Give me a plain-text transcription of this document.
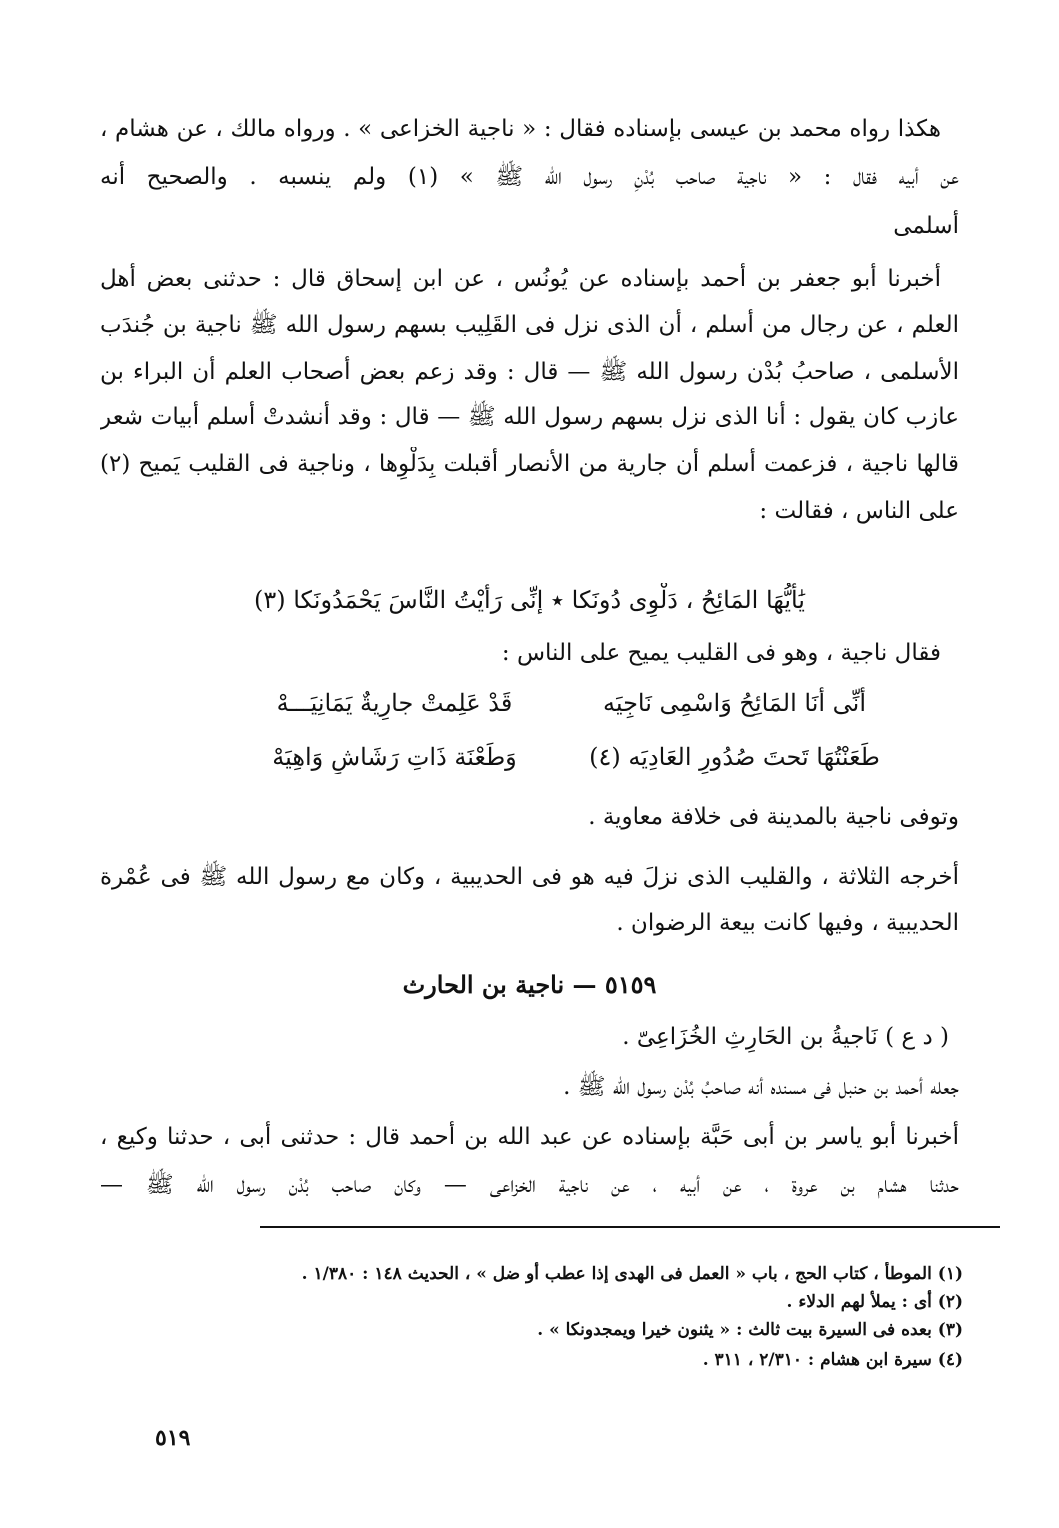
هكذا رواه محمد بن عيسى بإسناده فقال : « ناجية الخزاعى » . ورواه مالك ، عن هشام ،
عن أبيه فقال : « ناجية صاحب بُدْنِ رسول الله ﷺ » (١) ولم ينسبه . والصحيح أنه
أسلمى
أخبرنا أبو جعفر بن أحمد بإسناده عن يُونُس ، عن ابن إسحاق قال : حدثنى بعض أهل
العلم ، عن رجال من أسلم ، أن الذى نزل فى القَلِيب بسهم رسول الله ﷺ ناجية بن جُندَب
الأسلمى ، صاحبُ بُدْن رسول الله ﷺ — قال : وقد زعم بعض أصحاب العلم أن البراء بن
عازب كان يقول : أنا الذى نزل بسهم رسول الله ﷺ — قال : وقد أنشدتْ أسلم أبيات شعر
قالها ناجية ، فزعمت أسلم أن جارية من الأنصار أقبلت بِدَلْوِها ، وناجية فى القليب يَميح (٢)
على الناس ، فقالت :
يَٰأيُّهَا المَائِحُ ، دَلْوِى دُونَكا ٭ إنِّى رَأيْتُ النَّاسَ يَحْمَدُونَكا (٣)
فقال ناجية ، وهو فى القليب يميح على الناس :
قَدْ عَلِمتْ جارِيةٌ يَمَانِيَـــهْ	أنِّى أنَا المَائِحُ وَاسْمِى نَاجِيَه
وَطَعْنَة ذَاتِ رَشَاشٍ وَاهِيَهْ	طَعَنْتُهَا تَحتَ صُدُورِ العَادِيَه (٤)
وتوفى ناجية بالمدينة فى خلافة معاوية .
أخرجه الثلاثة ، والقليب الذى نزلَ فيه هو فى الحديبية ، وكان مع رسول الله ﷺ فى عُمْرة
الحديبية ، وفيها كانت بيعة الرضوان .
٥١٥٩ — ناجية بن الحارث
( د ع ) نَاجيةُ بن الحَارِثِ الخُزَاعِىّ .
جعله أحمد بن حنبل فى مسنده أنه صاحبُ بُدْن رسول الله ﷺ .
أخبرنا أبو ياسر بن أبى حَبَّة بإسناده عن عبد الله بن أحمد قال : حدثنى أبى ، حدثنا وكيع ،
حدثنا هشام بن عروة ، عن أبيه ، عن ناجية الخزاعى — وكان صاحب بُدْن رسول الله ﷺ —
(١) الموطأ ، كتاب الحج ، باب « العمل فى الهدى إذا عطب أو ضل » ، الحديث ١٤٨ : ١/٣٨٠ .
(٢) أى : يملأ لهم الدلاء .
(٣) بعده فى السيرة بيت ثالث : « يثنون خيرا ويمجدونكا » .
(٤) سيرة ابن هشام : ٢/٣١٠ ، ٣١١ .
٥١٩
